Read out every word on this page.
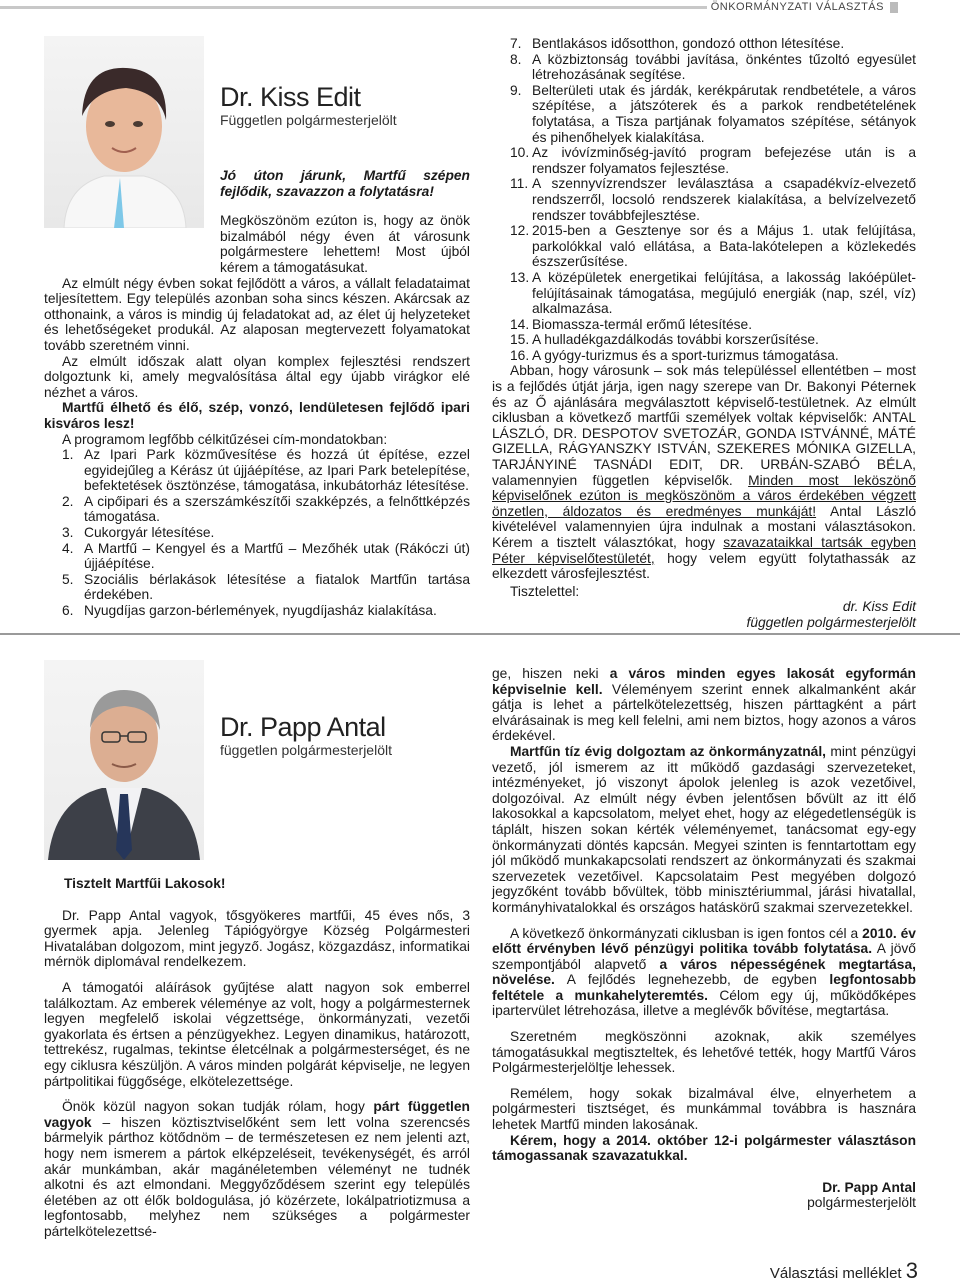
ÖNKORMÁNYZATI VÁLASZTÁS
Dr. Kiss Edit
Független polgármesterjelölt

Jó úton járunk, Martfű szépen fejlődik, szavazzon a folytatásra!

Megköszönöm ezúton is, hogy az önök bizalmából négy éven át városunk polgármestere lehettem! Most újból kérem a támogatásukat.

Az elmúlt négy évben sokat fejlődött a város, a vállalt feladataimat teljesítettem. Egy település azonban soha sincs készen. Akárcsak az otthonaink, a város is mindig új feladatokat ad, az élet új helyzeteket és lehetőségeket produkál. Az alaposan megtervezett folyamatokat tovább szeretném vinni.

Az elmúlt időszak alatt olyan komplex fejlesztési rendszert dolgoztunk ki, amely megvalósítása által egy újabb virágkor elé nézhet a város.

Martfű élhető és élő, szép, vonzó, lendületesen fejlődő ipari kisváros lesz!

A programom legfőbb célkitűzései cím-mondatokban:

1. Az Ipari Park közművesítése és hozzá út építése, ezzel egyidejűleg a Kérász út újjáépítése, az Ipari Park betelepítése, befektetések ösztönzése, támogatása, inkubátorház létesítése.
2. A cipőipari és a szerszámkészítői szakképzés, a felnőttképzés támogatása.
3. Cukorgyár létesítése.
4. A Martfű – Kengyel és a Martfű – Mezőhék utak (Rákóczi út) újjáépítése.
5. Szociális bérlakások létesítése a fiatalok Martfűn tartása érdekében.
6. Nyugdíjas garzon-bérlemények, nyugdíjasház kialakítása.
7. Bentlakásos idősotthon, gondozó otthon létesítése.
8. A közbiztonság további javítása, önkéntes tűzoltó egyesület létrehozásának segítése.
9. Belterületi utak és járdák, kerékpárutak rendbetétele, a város szépítése, a játszóterek és a parkok rendbetételének folytatása, a Tisza partjának folyamatos szépítése, sétányok és pihenőhelyek kialakítása.
10. Az ivóvízminőség-javító program befejezése után is a rendszer folyamatos fejlesztése.
11. A szennyvízrendszer leválasztása a csapadékvíz-elvezető rendszerről, locsoló rendszerek kialakítása, a belvízelvezető rendszer továbbfejlesztése.
12. 2015-ben a Gesztenye sor és a Május 1. utak felújítása, parkolókkal való ellátása, a Bata-lakótelepen a közlekedés észszerűsítése.
13. A középületek energetikai felújítása, a lakosság lakóépület-felújításainak támogatása, megújuló energiák (nap, szél, víz) alkalmazása.
14. Biomassza-termál erőmű létesítése.
15. A hulladékgazdálkodás további korszerűsítése.
16. A gyógy-turizmus és a sport-turizmus támogatása.

Abban, hogy városunk – sok más településsel ellentétben – most is a fejlődés útját járja, igen nagy szerepe van Dr. Bakonyi Péternek és az Ő ajánlására megválasztott képviselő-testületnek. Az elmúlt ciklusban a következő martfűi személyek voltak képviselők: ANTAL LÁSZLÓ, DR. DESPOTOV SVETOZÁR, GONDA ISTVÁNNÉ, MÁTÉ GIZELLA, RÁGYANSZKY ISTVÁN, SZEKERES MÓNIKA GIZELLA, TARJÁNYINÉ TASNÁDI EDIT, DR. URBÁN-SZABÓ BÉLA, valamennyien független képviselők. Minden most leköszönő képviselőnek ezúton is megköszönöm a város érdekében végzett önzetlen, áldozatos és eredményes munkáját! Antal László kivételével valamennyien újra indulnak a mostani választásokon. Kérem a tisztelt választókat, hogy szavazataikkal tartsák egyben Péter képviselőtestületét, hogy velem együtt folytathassák az elkezdett városfejlesztést.

Tisztelettel:

dr. Kiss Edit

független polgármesterjelölt

Dr. Papp Antal
független polgármesterjelölt

Tisztelt Martfűi Lakosok!

Dr. Papp Antal vagyok, tősgyökeres martfűi, 45 éves nős, 3 gyermek apja. Jelenleg Tápiógyörgye Község Polgármesteri Hivatalában dolgozom, mint jegyző. Jogász, közgazdász, informatikai mérnök diplomával rendelkezem.

A támogatói aláírások gyűjtése alatt nagyon sok emberrel találkoztam. Az emberek véleménye az volt, hogy a polgármesternek legyen megfelelő iskolai végzettsége, önkormányzati, vezetői gyakorlata és értsen a pénzügyekhez. Legyen dinamikus, határozott, tettrekész, rugalmas, tekintse életcélnak a polgármesterséget, és ne egy ciklusra készüljön. A város minden polgárát képviselje, ne legyen pártpolitikai függősége, elkötelezettsége.

Önök közül nagyon sokan tudják rólam, hogy párt független vagyok – hiszen köztisztviselőként sem lett volna szerencsés bármelyik párthoz kötődnöm – de természetesen ez nem jelenti azt, hogy nem ismerem a pártok elképzeléseit, tevékenységét, és arról akár munkámban, akár magánéletemben véleményt ne tudnék alkotni és azt elmondani. Meggyőződésem szerint egy település életében az ott élők boldogulása, jó közérzete, lokálpatriotizmusa a legfontosabb, melyhez nem szükséges a polgármester pártelkötelezettsé-

ge, hiszen neki a város minden egyes lakosát egyformán képviselnie kell. Véleményem szerint ennek alkalmanként akár gátja is lehet a pártelkötelezettség, hiszen párttagként a párt elvárásainak is meg kell felelni, ami nem biztos, hogy azonos a város érdekével.

Martfűn tíz évig dolgoztam az önkormányzatnál, mint pénzügyi vezető, jól ismerem az itt működő gazdasági szervezeteket, intézményeket, jó viszonyt ápolok jelenleg is azok vezetőivel, dolgozóival. Az elmúlt négy évben jelentősen bővült az itt élő lakosokkal a kapcsolatom, melyet ehet, hogy az elégedetlenségük is táplált, hiszen sokan kérték véleményemet, tanácsomat egy-egy önkormányzati döntés kapcsán. Megyei szinten is fenntartottam egy jól működő munkakapcsolati rendszert az önkormányzati és szakmai szervezetek vezetőivel. Kapcsolataim Pest megyében dolgozó jegyzőként tovább bővültek, több minisztériummal, járási hivatallal, kormányhivatalokkal és országos hatáskörű szakmai szervezetekkel.

A következő önkormányzati ciklusban is igen fontos cél a 2010. év előtt érvényben lévő pénzügyi politika tovább folytatása. A jövő szempontjából alapvető a város népességének megtartása, növelése. A fejlődés legnehezebb, de egyben legfontosabb feltétele a munkahelyteremtés. Célom egy új, működőképes ipartervület létrehozása, illetve a meglévők bővítése, megtartása.

Szeretném megköszönni azoknak, akik személyes támogatásukkal megtiszteltek, és lehetővé tették, hogy Martfű Város Polgármesterjelöltje lehessek.

Remélem, hogy sokak bizalmával élve, elnyerhetem a polgármesteri tisztséget, és munkámmal továbbra is hasznára lehetek Martfű minden lakosának.

Kérem, hogy a 2014. október 12-i polgármester választáson támogassanak szavazatukkal.

Dr. Papp Antal

polgármesterjelölt

Választási melléklet 3
